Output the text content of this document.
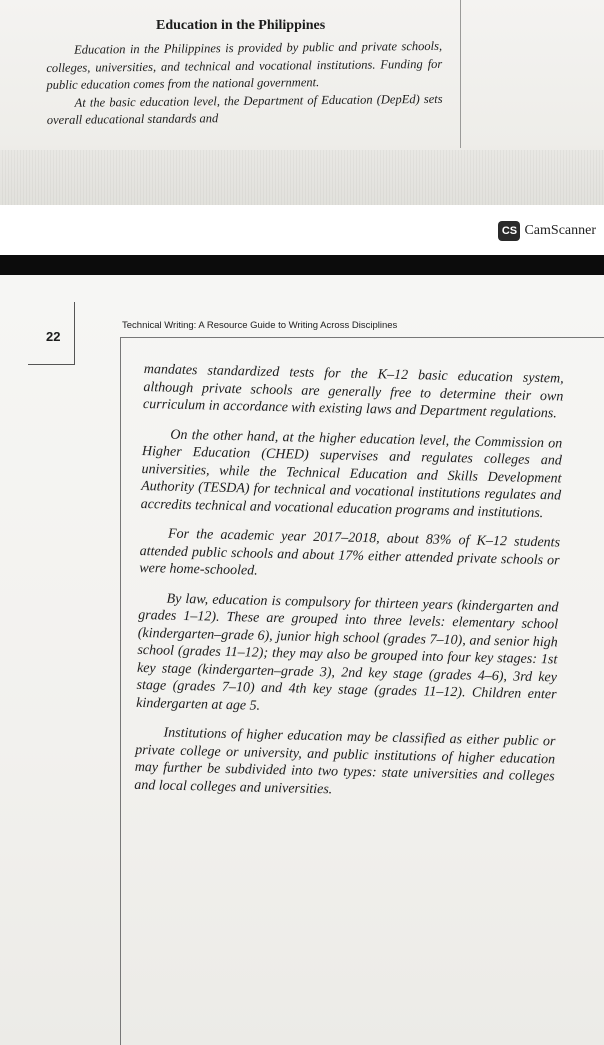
Education in the Philippines

Education in the Philippines is provided by public and private schools, colleges, universities, and technical and vocational institutions. Funding for public education comes from the national government.

At the basic education level, the Department of Education (DepEd) sets overall educational standards and

CS CamScanner
22
Technical Writing: A Resource Guide to Writing Across Disciplines

mandates standardized tests for the K–12 basic education system, although private schools are generally free to determine their own curriculum in accordance with existing laws and Department regulations.

On the other hand, at the higher education level, the Commission on Higher Education (CHED) supervises and regulates colleges and universities, while the Technical Education and Skills Development Authority (TESDA) for technical and vocational institutions regulates and accredits technical and vocational education programs and institutions.

For the academic year 2017–2018, about 83% of K–12 students attended public schools and about 17% either attended private schools or were home-schooled.

By law, education is compulsory for thirteen years (kindergarten and grades 1–12). These are grouped into three levels: elementary school (kindergarten–grade 6), junior high school (grades 7–10), and senior high school (grades 11–12); they may also be grouped into four key stages: 1st key stage (kindergarten–grade 3), 2nd key stage (grades 4–6), 3rd key stage (grades 7–10) and 4th key stage (grades 11–12). Children enter kindergarten at age 5.

Institutions of higher education may be classified as either public or private college or university, and public institutions of higher education may further be subdivided into two types: state universities and colleges and local colleges and universities.
